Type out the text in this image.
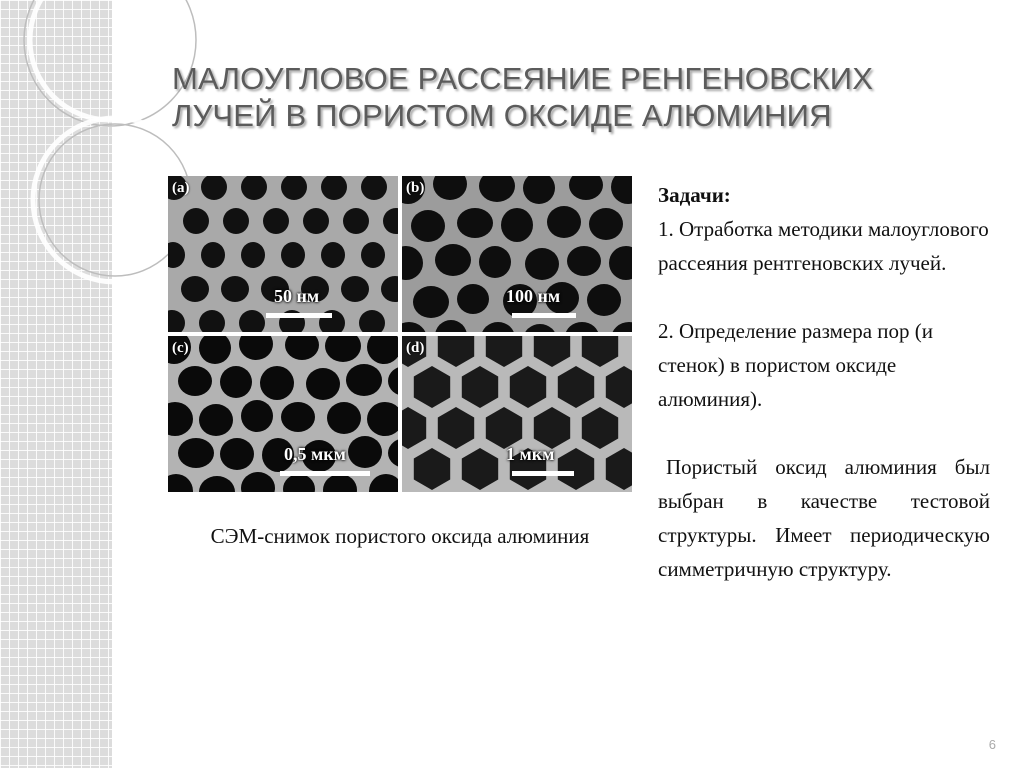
МАЛОУГЛОВОЕ РАССЕЯНИЕ РЕНГЕНОВСКИХ ЛУЧЕЙ В ПОРИСТОМ ОКСИДЕ АЛЮМИНИЯ
(a)
50 нм
(b)
100 нм
(c)
0,5 мкм
(d)
1 мкм
СЭМ-снимок пористого оксида алюминия

Задачи:

1. Отработка методики малоуглового рассеяния рентгеновских лучей.

2. Определение размера пор (и стенок) в пористом оксиде алюминия).

Пористый оксид алюминия был выбран в качестве тестовой структуры. Имеет периодическую симметричную структуру.

6
